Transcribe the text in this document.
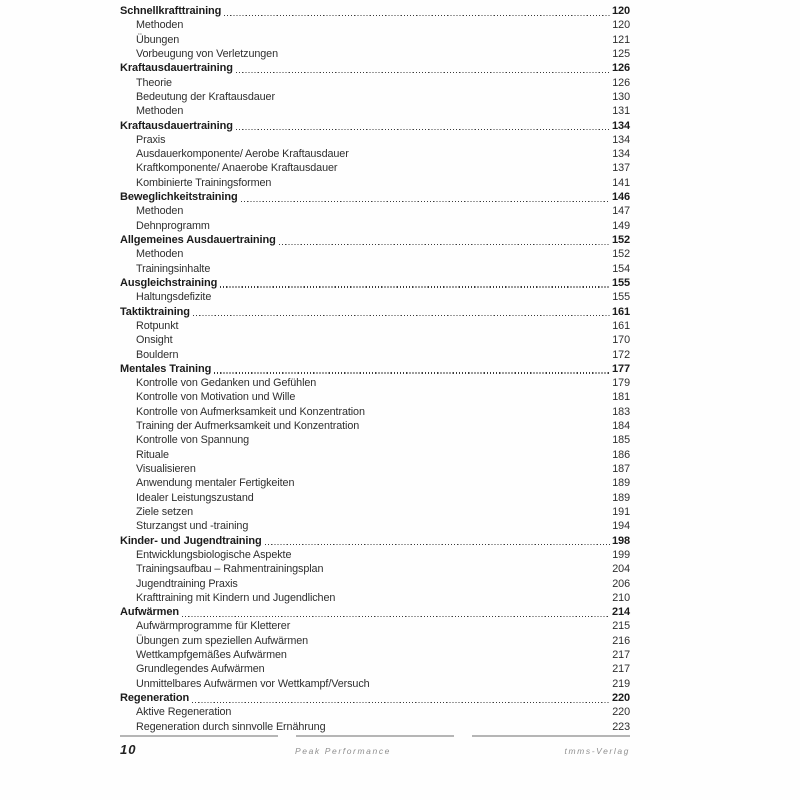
Schnellkrafttraining	120
Methoden	120
Übungen	121
Vorbeugung von Verletzungen	125
Kraftausdauertraining	126
Theorie	126
Bedeutung der Kraftausdauer	130
Methoden	131
Kraftausdauertraining	134
Praxis	134
Ausdauerkomponente/ Aerobe Kraftausdauer	134
Kraftkomponente/ Anaerobe Kraftausdauer	137
Kombinierte Trainingsformen	141
Beweglichkeitstraining	146
Methoden	147
Dehnprogramm	149
Allgemeines Ausdauertraining	152
Methoden	152
Trainingsinhalte	154
Ausgleichstraining	155
Haltungsdefizite	155
Taktiktraining	161
Rotpunkt	161
Onsight	170
Bouldern	172
Mentales Training	177
Kontrolle von Gedanken und Gefühlen	179
Kontrolle von Motivation und Wille	181
Kontrolle von Aufmerksamkeit und Konzentration	183
Training der Aufmerksamkeit und Konzentration	184
Kontrolle von Spannung	185
Rituale	186
Visualisieren	187
Anwendung mentaler Fertigkeiten	189
Idealer Leistungszustand	189
Ziele setzen	191
Sturzangst und -training	194
Kinder- und Jugendtraining	198
Entwicklungsbiologische Aspekte	199
Trainingsaufbau – Rahmentrainingsplan	204
Jugendtraining Praxis	206
Krafttraining mit Kindern und Jugendlichen	210
Aufwärmen	214
Aufwärmprogramme für Kletterer	215
Übungen zum speziellen Aufwärmen	216
Wettkampfgemäßes Aufwärmen	217
Grundlegendes Aufwärmen	217
Unmittelbares Aufwärmen vor Wettkampf/Versuch	219
Regeneration	220
Aktive Regeneration	220
Regeneration durch sinnvolle Ernährung	223
10	Peak Performance	tmms-Verlag
